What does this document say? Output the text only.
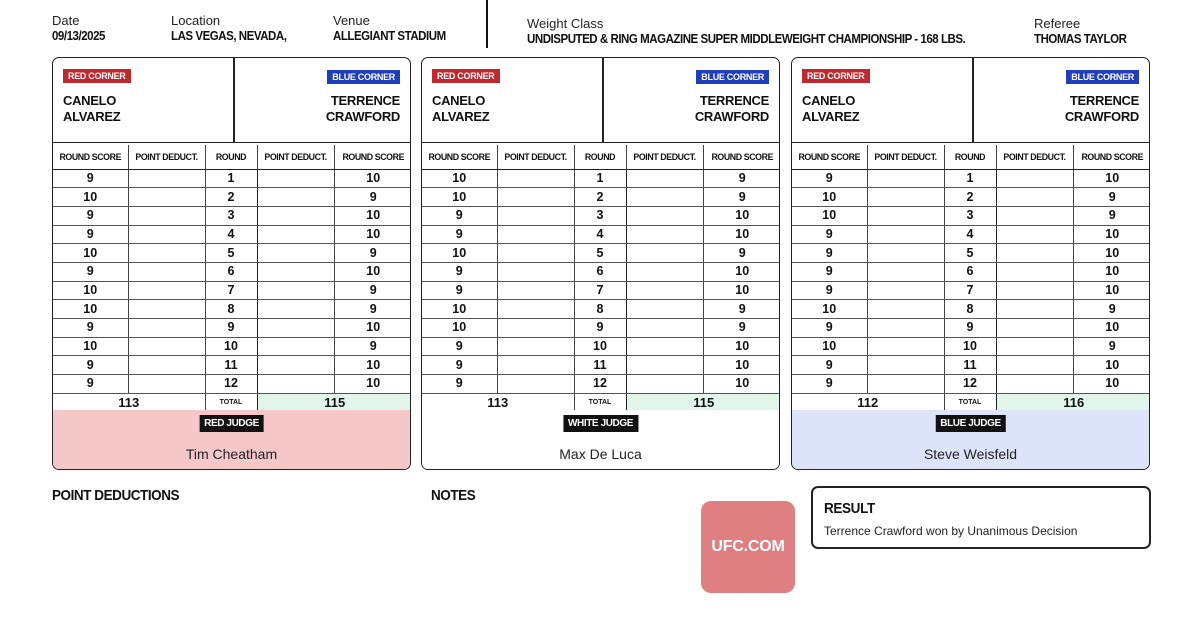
Date
09/13/2025
Location
LAS VEGAS, NEVADA,
Venue
ALLEGIANT STADIUM
Weight Class
UNDISPUTED & RING MAGAZINE SUPER MIDDLEWEIGHT CHAMPIONSHIP - 168 LBS.
Referee
THOMAS TAYLOR
RED CORNER	BLUE CORNER
CANELO
ALVAREZ
TERRENCE
CRAWFORD
ROUND SCORE	POINT DEDUCT.	ROUND	POINT DEDUCT.	ROUND SCORE
9		1		10
10		2		9
9		3		10
9		4		10
10		5		9
9		6		10
10		7		9
10		8		9
9		9		10
10		10		9
9		11		10
9		12		10
113		TOTAL	115	
RED JUDGE
Tim Cheatham
RED CORNER	BLUE CORNER
CANELO
ALVAREZ
TERRENCE
CRAWFORD
ROUND SCORE	POINT DEDUCT.	ROUND	POINT DEDUCT.	ROUND SCORE
10		1		9
10		2		9
9		3		10
9		4		10
10		5		9
9		6		10
9		7		10
10		8		9
10		9		9
9		10		10
9		11		10
9		12		10
113		TOTAL	115	
WHITE JUDGE
Max De Luca
RED CORNER	BLUE CORNER
CANELO
ALVAREZ
TERRENCE
CRAWFORD
ROUND SCORE	POINT DEDUCT.	ROUND	POINT DEDUCT.	ROUND SCORE
9		1		10
10		2		9
10		3		9
9		4		10
9		5		10
9		6		10
9		7		10
10		8		9
9		9		10
10		10		9
9		11		10
9		12		10
112		TOTAL	116	
BLUE JUDGE
Steve Weisfeld
POINT DEDUCTIONS	NOTES
UFC.COM
RESULT
Terrence Crawford won by Unanimous Decision
